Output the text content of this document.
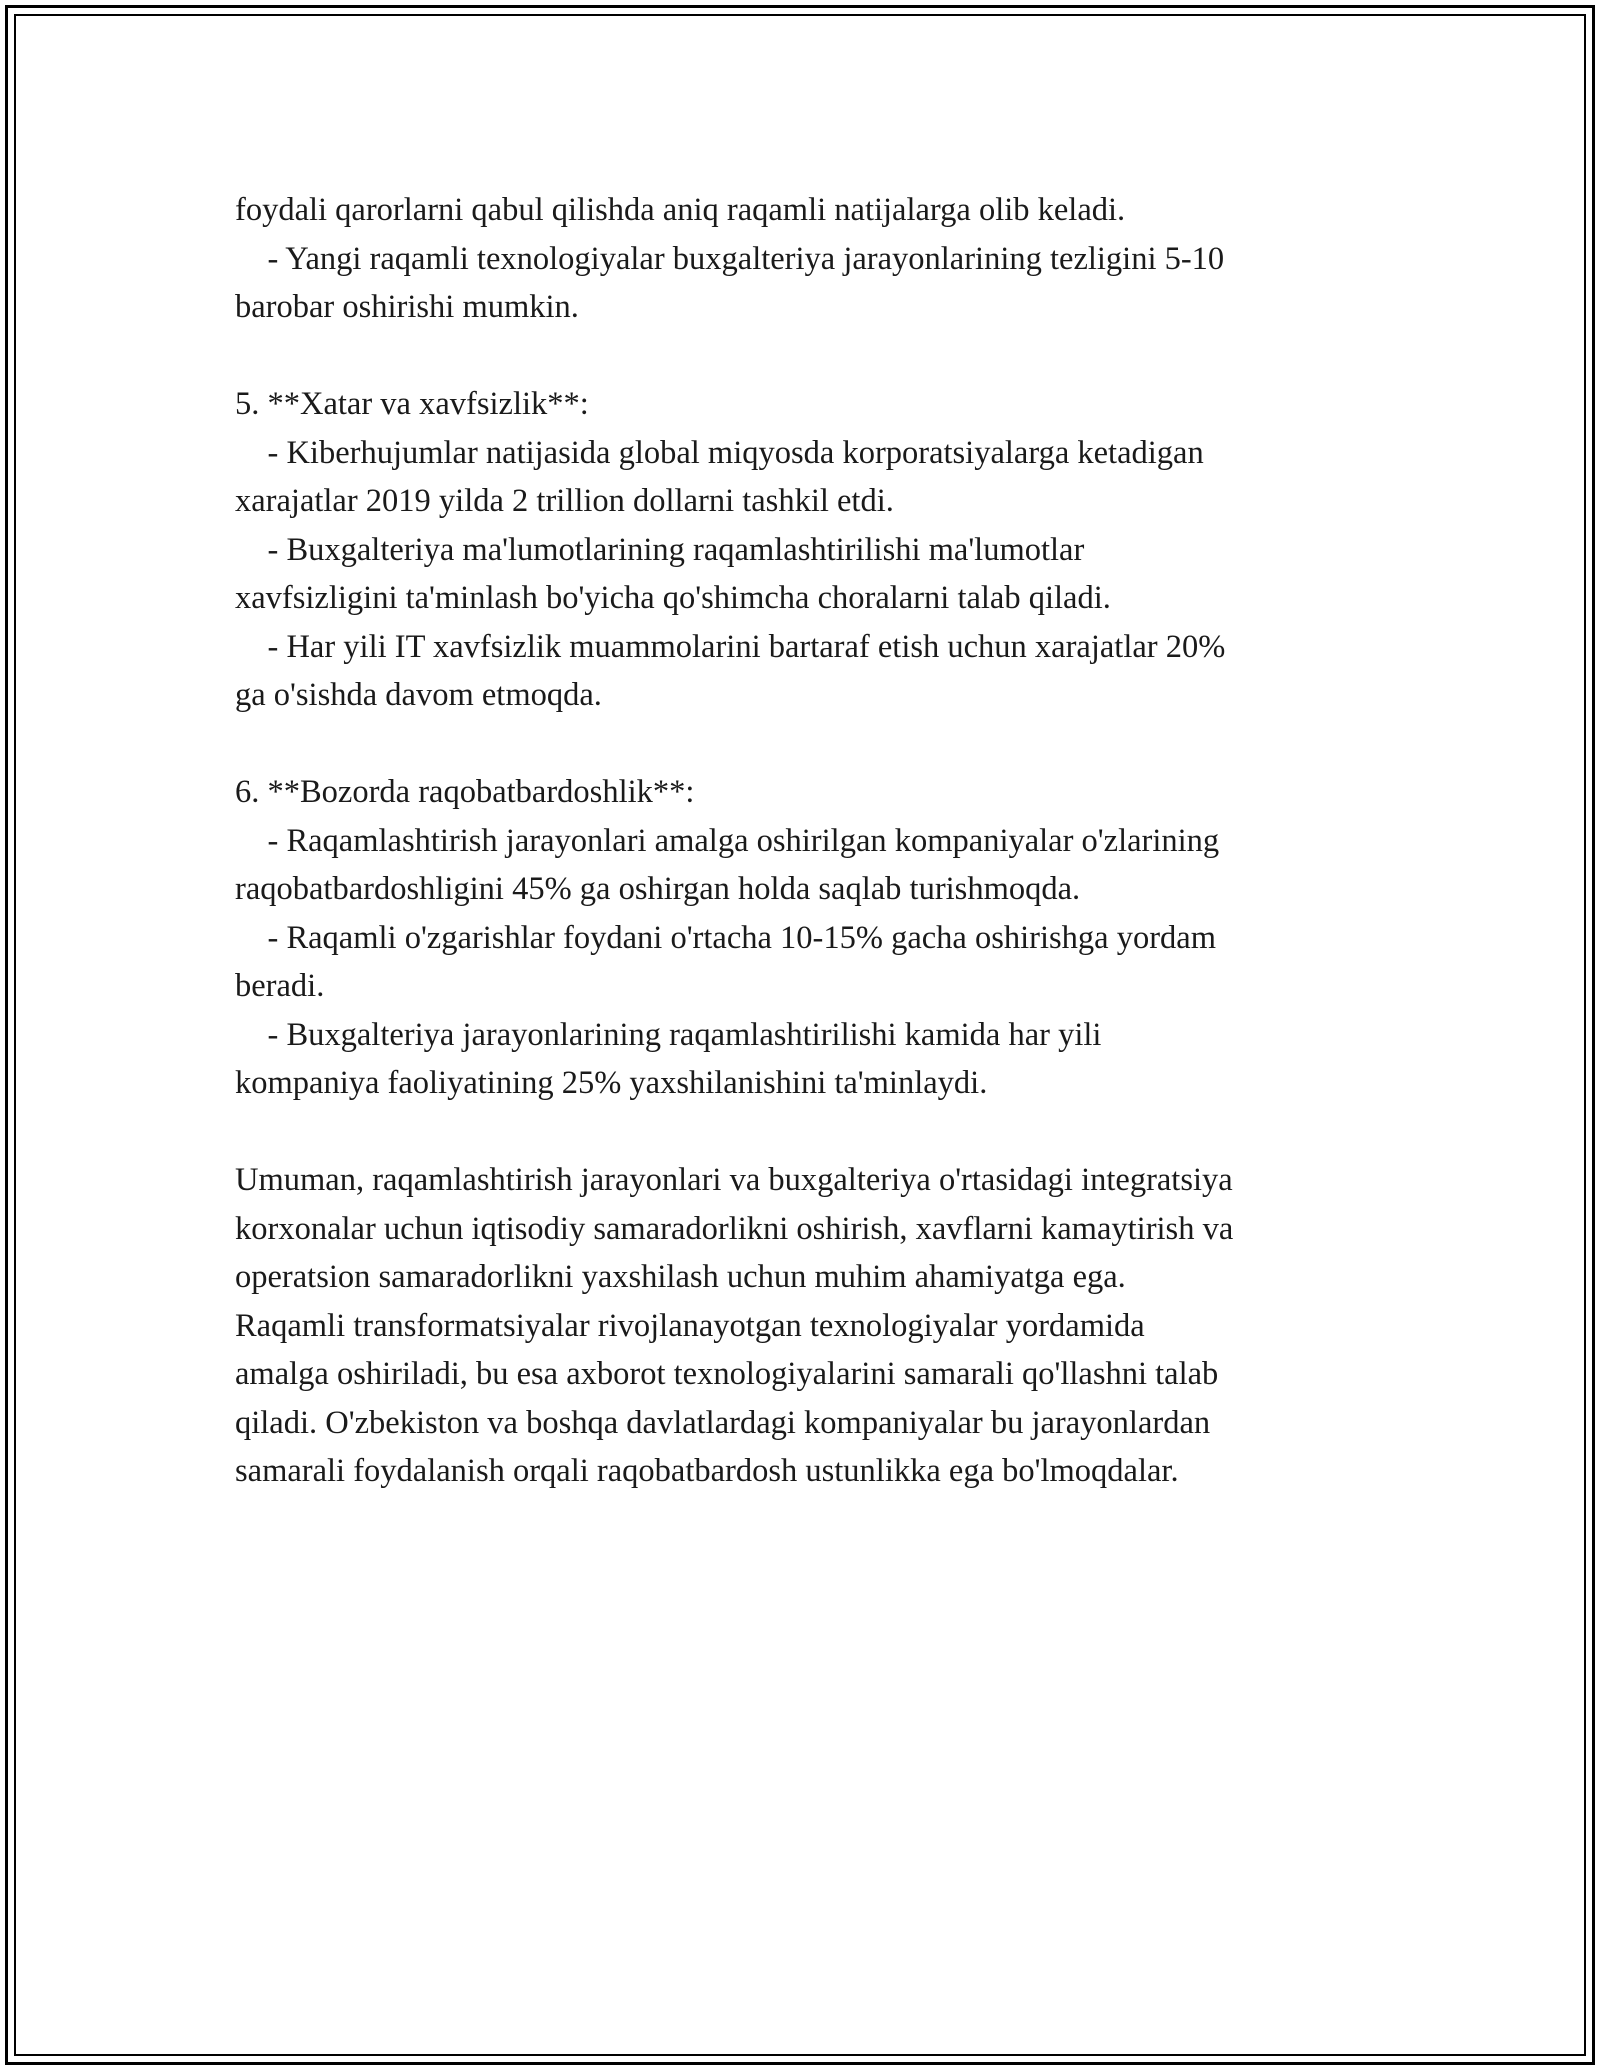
foydali qarorlarni qabul qilishda aniq raqamli natijalarga olib keladi.
- Yangi raqamli texnologiyalar buxgalteriya jarayonlarining tezligini 5-10
barobar oshirishi mumkin.
5. **Xatar va xavfsizlik**:
- Kiberhujumlar natijasida global miqyosda korporatsiyalarga ketadigan
xarajatlar 2019 yilda 2 trillion dollarni tashkil etdi.
- Buxgalteriya ma'lumotlarining raqamlashtirilishi ma'lumotlar
xavfsizligini ta'minlash bo'yicha qo'shimcha choralarni talab qiladi.
- Har yili IT xavfsizlik muammolarini bartaraf etish uchun xarajatlar 20%
ga o'sishda davom etmoqda.
6. **Bozorda raqobatbardoshlik**:
- Raqamlashtirish jarayonlari amalga oshirilgan kompaniyalar o'zlarining
raqobatbardoshligini 45% ga oshirgan holda saqlab turishmoqda.
- Raqamli o'zgarishlar foydani o'rtacha 10-15% gacha oshirishga yordam
beradi.
- Buxgalteriya jarayonlarining raqamlashtirilishi kamida har yili
kompaniya faoliyatining 25% yaxshilanishini ta'minlaydi.
Umuman, raqamlashtirish jarayonlari va buxgalteriya o'rtasidagi integratsiya
korxonalar uchun iqtisodiy samaradorlikni oshirish, xavflarni kamaytirish va
operatsion samaradorlikni yaxshilash uchun muhim ahamiyatga ega.
Raqamli transformatsiyalar rivojlanayotgan texnologiyalar yordamida
amalga oshiriladi, bu esa axborot texnologiyalarini samarali qo'llashni talab
qiladi. O'zbekiston va boshqa davlatlardagi kompaniyalar bu jarayonlardan
samarali foydalanish orqali raqobatbardosh ustunlikka ega bo'lmoqdalar.
